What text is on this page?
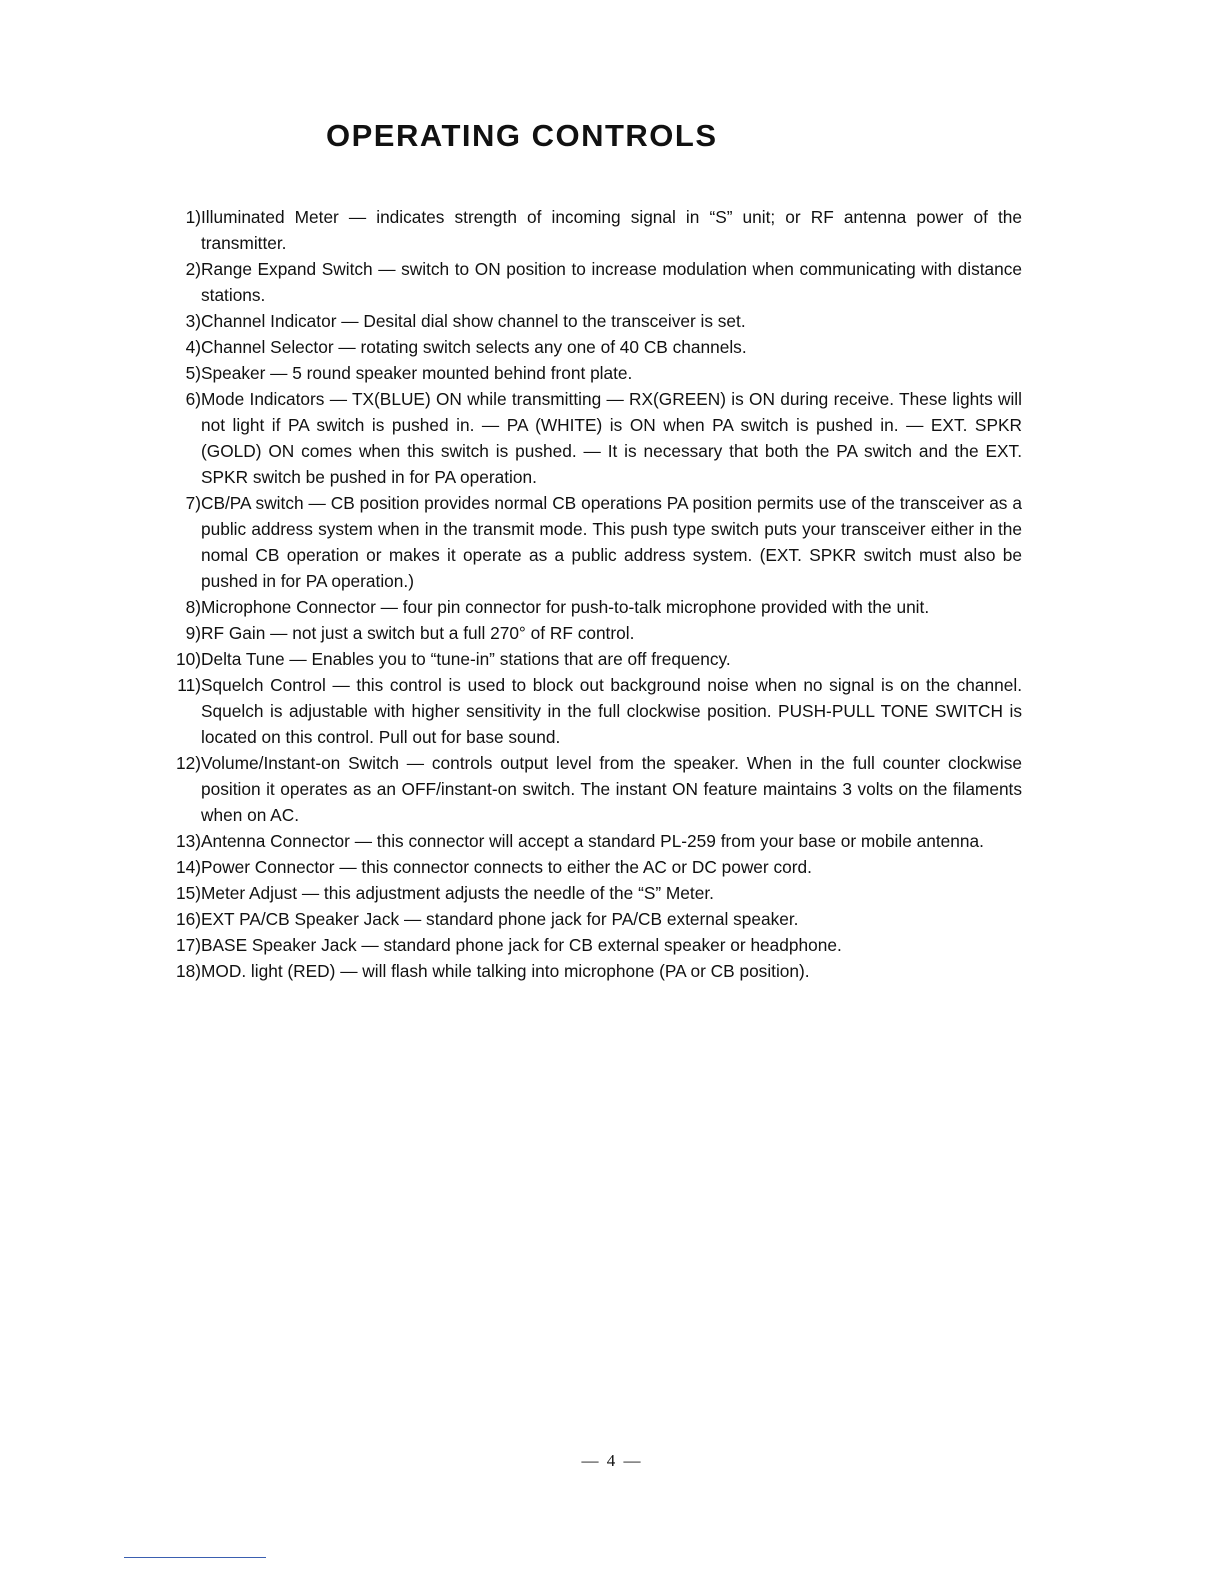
OPERATING CONTROLS
1) Illuminated Meter — indicates strength of incoming signal in “S” unit; or RF antenna power of the transmitter.
2) Range Expand Switch — switch to ON position to increase modulation when communicating with distance stations.
3) Channel Indicator — Desital dial show channel to the transceiver is set.
4) Channel Selector — rotating switch selects any one of 40 CB channels.
5) Speaker — 5 round speaker mounted behind front plate.
6) Mode Indicators — TX(BLUE) ON while transmitting — RX(GREEN) is ON during receive. These lights will not light if PA switch is pushed in. — PA (WHITE) is ON when PA switch is pushed in. — EXT. SPKR (GOLD) ON comes when this switch is pushed. — It is necessary that both the PA switch and the EXT. SPKR switch be pushed in for PA operation.
7) CB/PA switch — CB position provides normal CB operations PA position permits use of the transceiver as a public address system when in the transmit mode. This push type switch puts your transceiver either in the nomal CB operation or makes it operate as a public address system. (EXT. SPKR switch must also be pushed in for PA operation.)
8) Microphone Connector — four pin connector for push-to-talk microphone provided with the unit.
9) RF Gain — not just a switch but a full 270° of RF control.
10) Delta Tune — Enables you to “tune-in” stations that are off frequency.
11) Squelch Control — this control is used to block out background noise when no signal is on the channel. Squelch is adjustable with higher sensitivity in the full clockwise position. PUSH-PULL TONE SWITCH is located on this control. Pull out for base sound.
12) Volume/Instant-on Switch — controls output level from the speaker. When in the full counter clockwise position it operates as an OFF/instant-on switch. The instant ON feature maintains 3 volts on the filaments when on AC.
13) Antenna Connector — this connector will accept a standard PL-259 from your base or mobile antenna.
14) Power Connector — this connector connects to either the AC or DC power cord.
15) Meter Adjust — this adjustment adjusts the needle of the “S” Meter.
16) EXT PA/CB Speaker Jack — standard phone jack for PA/CB external speaker.
17) BASE Speaker Jack — standard phone jack for CB external speaker or headphone.
18) MOD. light (RED) — will flash while talking into microphone (PA or CB position).
— 4 —
